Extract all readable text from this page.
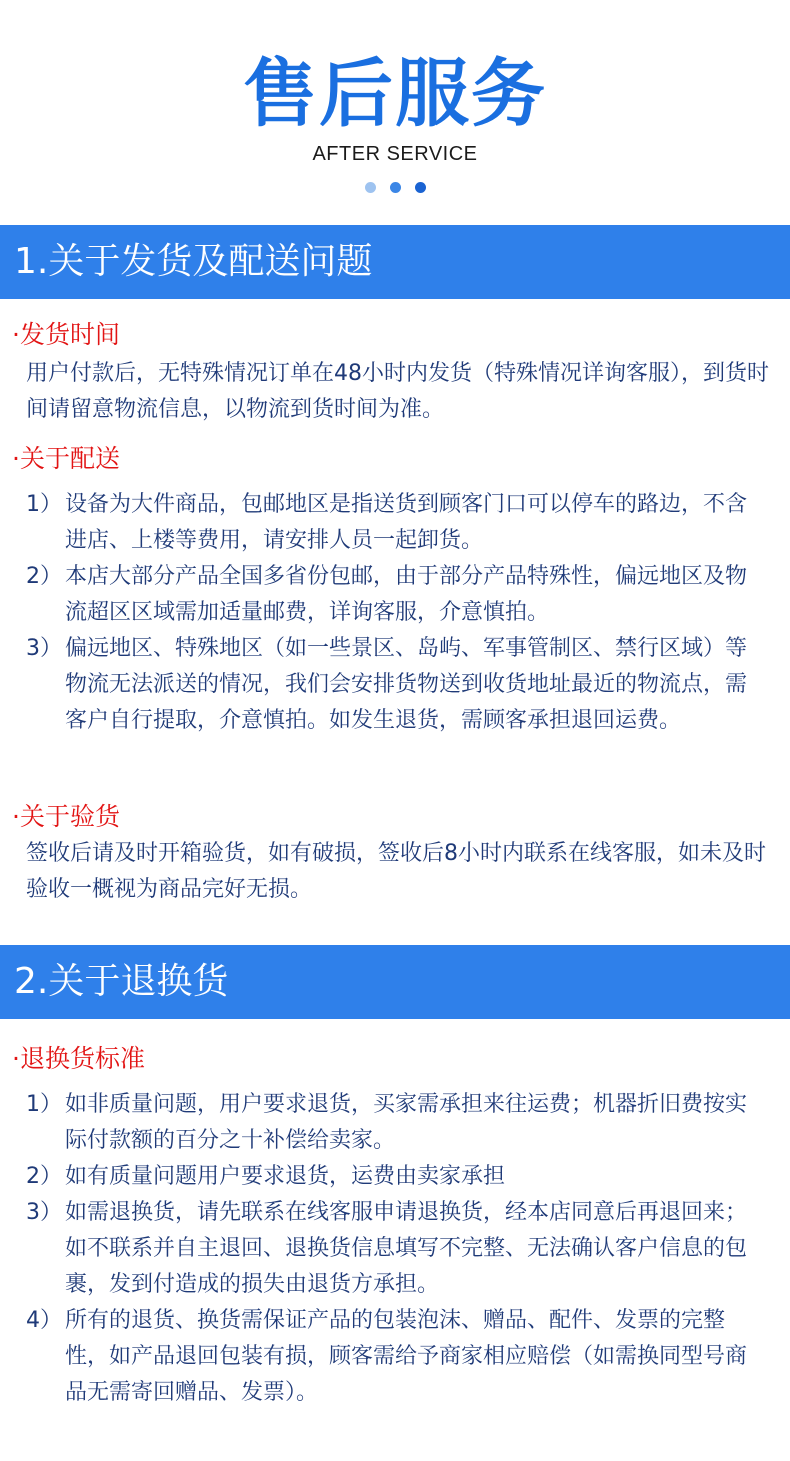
售后服务
AFTER SERVICE
1.关于发货及配送问题
·发货时间
用户付款后，无特殊情况订单在48小时内发货（特殊情况详询客服），到货时间请留意物流信息，以物流到货时间为准。
·关于配送
1） 设备为大件商品，包邮地区是指送货到顾客门口可以停车的路边，不含进店、上楼等费用，请安排人员一起卸货。
2） 本店大部分产品全国多省份包邮，由于部分产品特殊性，偏远地区及物流超区区域需加适量邮费，详询客服，介意慎拍。
3） 偏远地区、特殊地区（如一些景区、岛屿、军事管制区、禁行区域）等物流无法派送的情况，我们会安排货物送到收货地址最近的物流点，需客户自行提取，介意慎拍。如发生退货，需顾客承担退回运费。
·关于验货
签收后请及时开箱验货，如有破损，签收后8小时内联系在线客服，如未及时验收一概视为商品完好无损。
2.关于退换货
·退换货标准
1） 如非质量问题，用户要求退货，买家需承担来往运费；机器折旧费按实际付款额的百分之十补偿给卖家。
2） 如有质量问题用户要求退货，运费由卖家承担
3） 如需退换货，请先联系在线客服申请退换货，经本店同意后再退回来；如不联系并自主退回、退换货信息填写不完整、无法确认客户信息的包裹，发到付造成的损失由退货方承担。
4） 所有的退货、换货需保证产品的包装泡沫、赠品、配件、发票的完整性，如产品退回包装有损，顾客需给予商家相应赔偿（如需换同型号商品无需寄回赠品、发票）。
